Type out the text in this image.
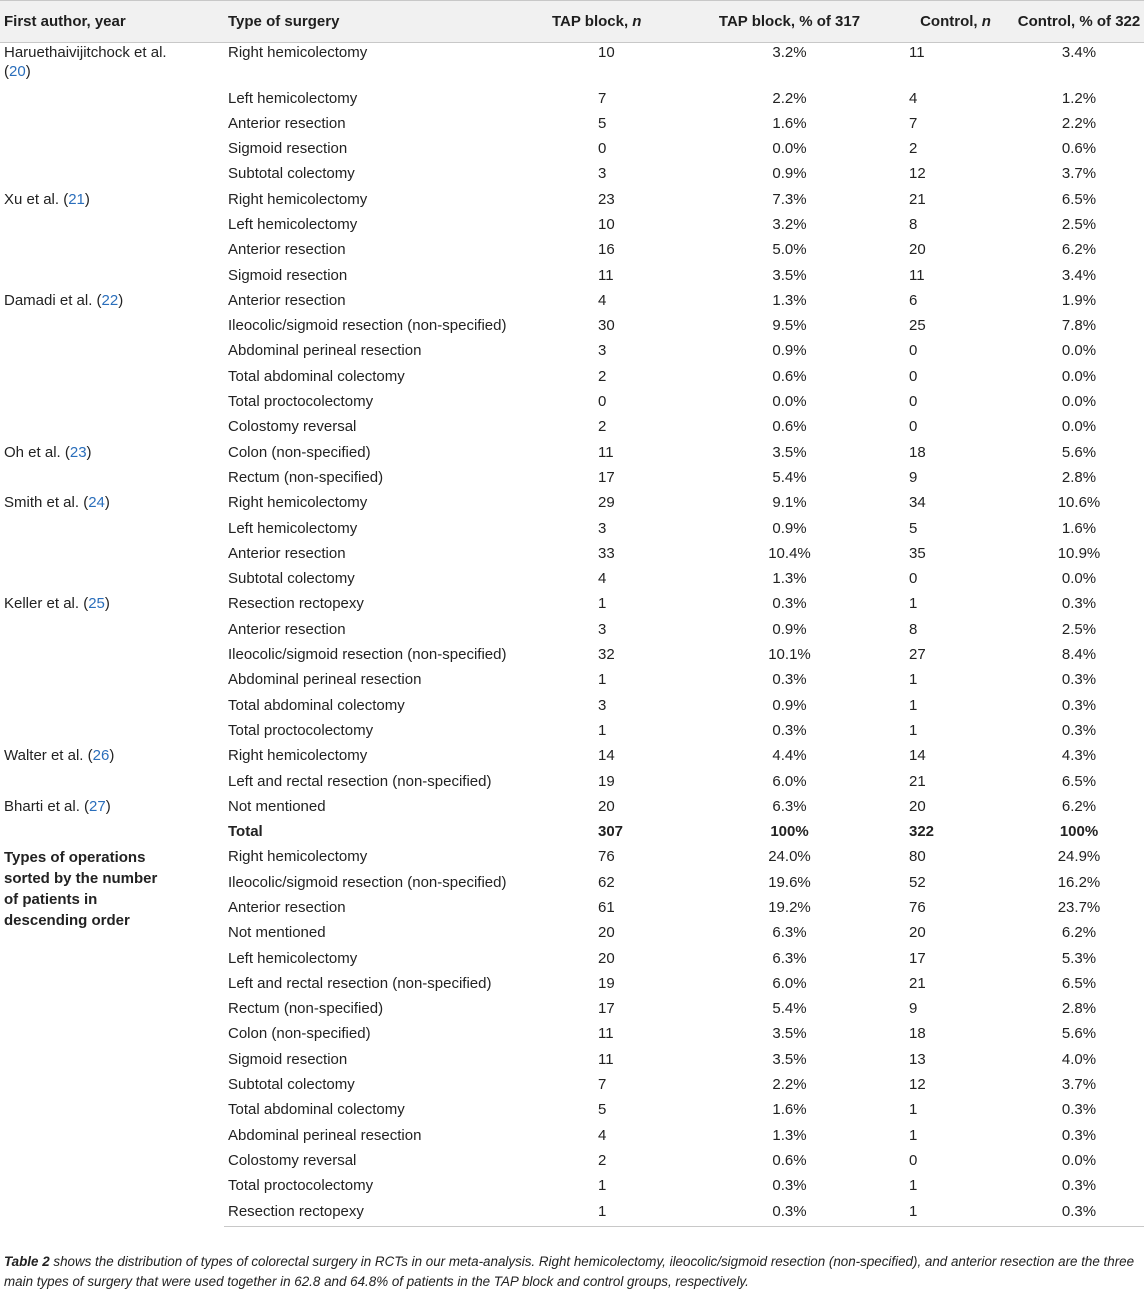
First author, year	Type of surgery	TAP block, n	TAP block, % of 317	Control, n	Control, % of 322
Haruethaivijitchock et al.
(20)	Right hemicolectomy	10	3.2%	11	3.4%
	Left hemicolectomy	7	2.2%	4	1.2%
	Anterior resection	5	1.6%	7	2.2%
	Sigmoid resection	0	0.0%	2	0.6%
	Subtotal colectomy	3	0.9%	12	3.7%
Xu et al. (21)	Right hemicolectomy	23	7.3%	21	6.5%
	Left hemicolectomy	10	3.2%	8	2.5%
	Anterior resection	16	5.0%	20	6.2%
	Sigmoid resection	11	3.5%	11	3.4%
Damadi et al. (22)	Anterior resection	4	1.3%	6	1.9%
	Ileocolic/sigmoid resection (non-specified)	30	9.5%	25	7.8%
	Abdominal perineal resection	3	0.9%	0	0.0%
	Total abdominal colectomy	2	0.6%	0	0.0%
	Total proctocolectomy	0	0.0%	0	0.0%
	Colostomy reversal	2	0.6%	0	0.0%
Oh et al. (23)	Colon (non-specified)	11	3.5%	18	5.6%
	Rectum (non-specified)	17	5.4%	9	2.8%
Smith et al. (24)	Right hemicolectomy	29	9.1%	34	10.6%
	Left hemicolectomy	3	0.9%	5	1.6%
	Anterior resection	33	10.4%	35	10.9%
	Subtotal colectomy	4	1.3%	0	0.0%
Keller et al. (25)	Resection rectopexy	1	0.3%	1	0.3%
	Anterior resection	3	0.9%	8	2.5%
	Ileocolic/sigmoid resection (non-specified)	32	10.1%	27	8.4%
	Abdominal perineal resection	1	0.3%	1	0.3%
	Total abdominal colectomy	3	0.9%	1	0.3%
	Total proctocolectomy	1	0.3%	1	0.3%
Walter et al. (26)	Right hemicolectomy	14	4.4%	14	4.3%
	Left and rectal resection (non-specified)	19	6.0%	21	6.5%
Bharti et al. (27)	Not mentioned	20	6.3%	20	6.2%
	Total	307	100%	322	100%
Types of operations
sorted by the number
of patients in
descending order	Right hemicolectomy	76	24.0%	80	24.9%
	Ileocolic/sigmoid resection (non-specified)	62	19.6%	52	16.2%
	Anterior resection	61	19.2%	76	23.7%
	Not mentioned	20	6.3%	20	6.2%
	Left hemicolectomy	20	6.3%	17	5.3%
	Left and rectal resection (non-specified)	19	6.0%	21	6.5%
	Rectum (non-specified)	17	5.4%	9	2.8%
	Colon (non-specified)	11	3.5%	18	5.6%
	Sigmoid resection	11	3.5%	13	4.0%
	Subtotal colectomy	7	2.2%	12	3.7%
	Total abdominal colectomy	5	1.6%	1	0.3%
	Abdominal perineal resection	4	1.3%	1	0.3%
	Colostomy reversal	2	0.6%	0	0.0%
	Total proctocolectomy	1	0.3%	1	0.3%
	Resection rectopexy	1	0.3%	1	0.3%
Table 2 shows the distribution of types of colorectal surgery in RCTs in our meta-analysis. Right hemicolectomy, ileocolic/sigmoid resection (non-specified), and anterior resection are the three main types of surgery that were used together in 62.8 and 64.8% of patients in the TAP block and control groups, respectively.
